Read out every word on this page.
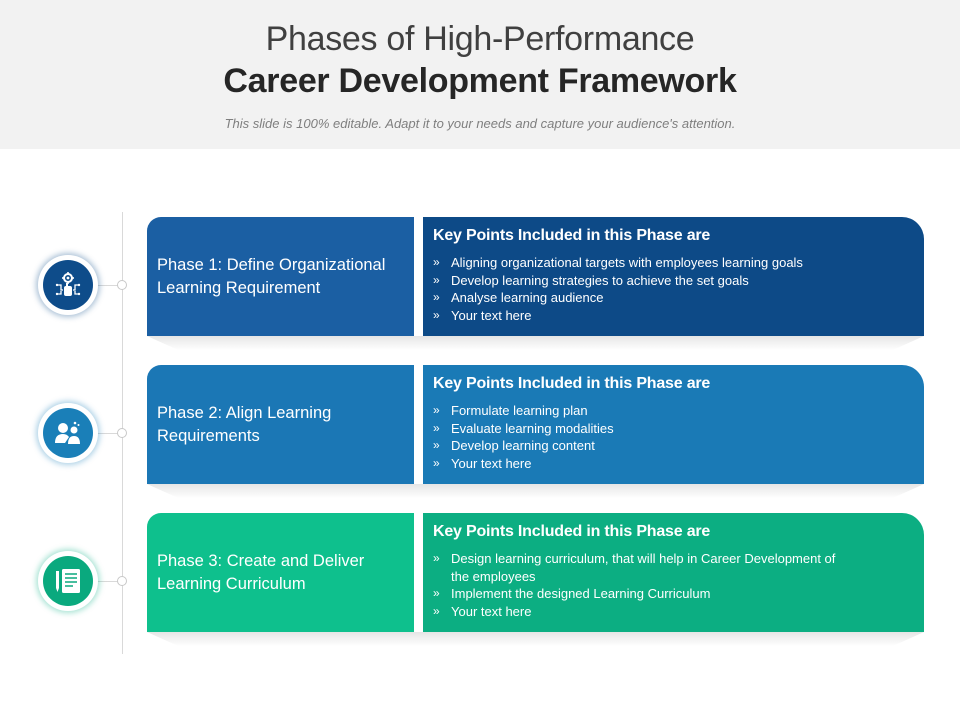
Phases of High-Performance
Career Development Framework
This slide is 100% editable. Adapt it to your needs and capture your audience's attention.
Phase 1: Define Organizational Learning Requirement
Key Points Included in this Phase are
» Aligning organizational targets with employees learning goals
» Develop learning strategies to achieve the set goals
» Analyse learning audience
» Your text here
Phase 2: Align Learning Requirements
Key Points Included in this Phase are
» Formulate learning plan
» Evaluate learning modalities
» Develop learning content
» Your text here
Phase 3: Create and Deliver Learning Curriculum
Key Points Included in this Phase are
» Design learning curriculum, that will help in Career Development of the employees
» Implement the designed Learning Curriculum
» Your text here
